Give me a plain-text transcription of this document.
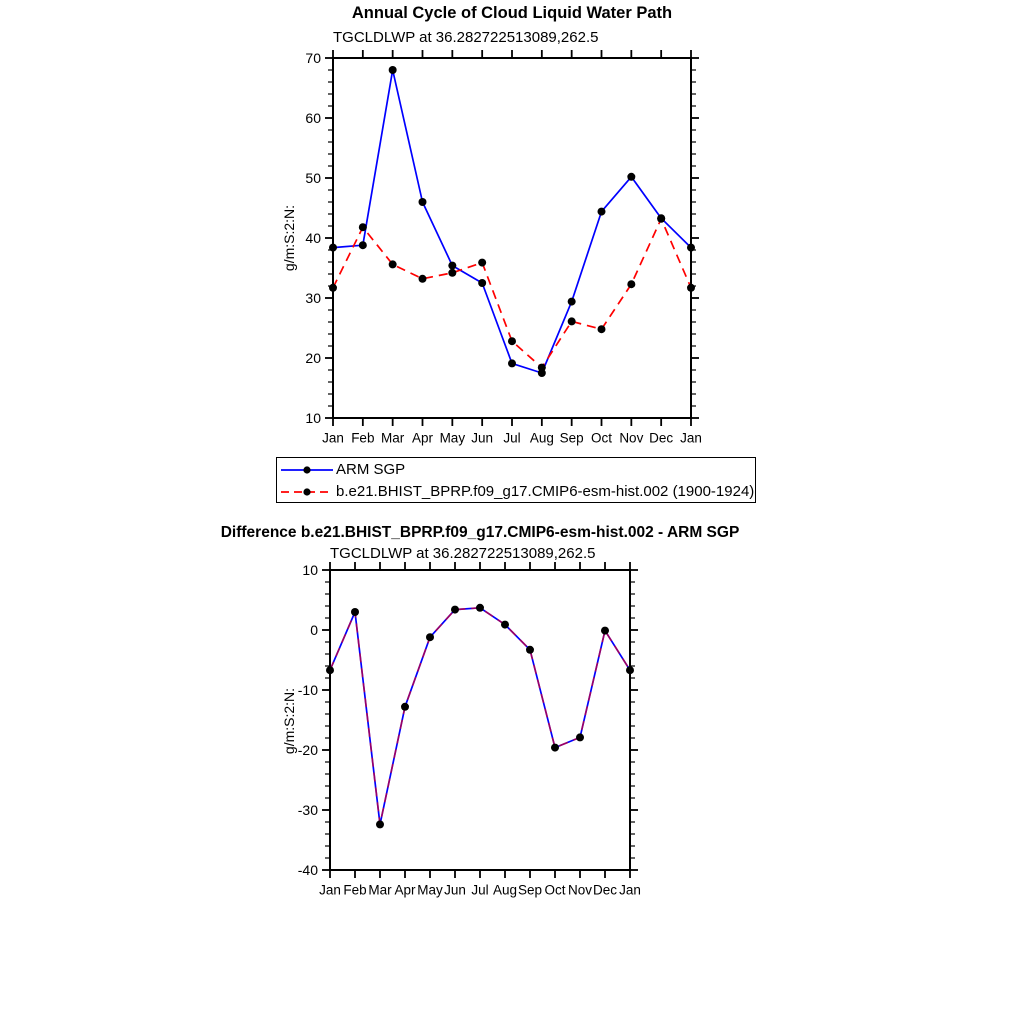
10
20
30
40
50
60
70
Jan Feb Mar Apr May Jun Jul Aug Sep Oct Nov Dec Jan
-40
-30
-20
-10
0
10
Jan Feb Mar Apr May Jun Jul Aug Sep Oct Nov Dec Jan
Annual Cycle of Cloud Liquid Water Path
TGCLDLWP at 36.282722513089,262.5
g/m:S:2:N:
ARM SGP
b.e21.BHIST_BPRP.f09_g17.CMIP6-esm-hist.002 (1900-1924)
Difference b.e21.BHIST_BPRP.f09_g17.CMIP6-esm-hist.002 - ARM SGP
TGCLDLWP at 36.282722513089,262.5
g/m:S:2:N:
